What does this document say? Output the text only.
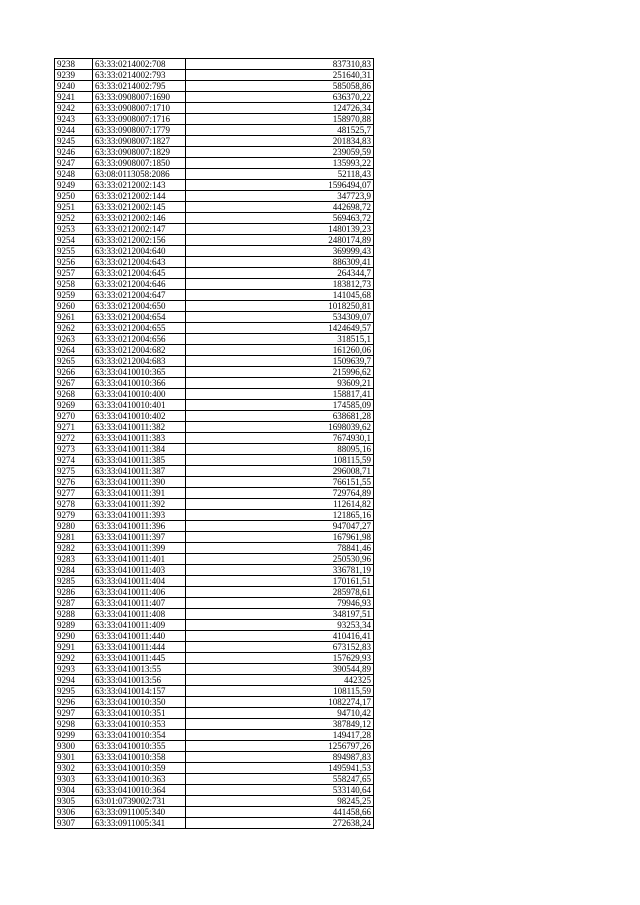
9238	63:33:0214002:708	837310,83
9239	63:33:0214002:793	251640,31
9240	63:33:0214002:795	585058,86
9241	63:33:0908007:1690	636370,22
9242	63:33:0908007:1710	124726,34
9243	63:33:0908007:1716	158970,88
9244	63:33:0908007:1779	481525,7
9245	63:33:0908007:1827	201834,83
9246	63:33:0908007:1829	239059,59
9247	63:33:0908007:1850	135993,22
9248	63:08:0113058:2086	52118,43
9249	63:33:0212002:143	1596494,07
9250	63:33:0212002:144	347723,9
9251	63:33:0212002:145	442698,72
9252	63:33:0212002:146	569463,72
9253	63:33:0212002:147	1480139,23
9254	63:33:0212002:156	2480174,89
9255	63:33:0212004:640	369999,43
9256	63:33:0212004:643	886309,41
9257	63:33:0212004:645	264344,7
9258	63:33:0212004:646	183812,73
9259	63:33:0212004:647	141045,68
9260	63:33:0212004:650	1018250,81
9261	63:33:0212004:654	534309,07
9262	63:33:0212004:655	1424649,57
9263	63:33:0212004:656	318515,1
9264	63:33:0212004:682	161260,06
9265	63:33:0212004:683	1509639,7
9266	63:33:0410010:365	215996,62
9267	63:33:0410010:366	93609,21
9268	63:33:0410010:400	158817,41
9269	63:33:0410010:401	174585,09
9270	63:33:0410010:402	638681,28
9271	63:33:0410011:382	1698039,62
9272	63:33:0410011:383	7674930,1
9273	63:33:0410011:384	88095,16
9274	63:33:0410011:385	108115,59
9275	63:33:0410011:387	296008,71
9276	63:33:0410011:390	766151,55
9277	63:33:0410011:391	729764,89
9278	63:33:0410011:392	112614,82
9279	63:33:0410011:393	121865,16
9280	63:33:0410011:396	947047,27
9281	63:33:0410011:397	167961,98
9282	63:33:0410011:399	78841,46
9283	63:33:0410011:401	250530,96
9284	63:33:0410011:403	336781,19
9285	63:33:0410011:404	170161,51
9286	63:33:0410011:406	285978,61
9287	63:33:0410011:407	79946,93
9288	63:33:0410011:408	348197,51
9289	63:33:0410011:409	93253,34
9290	63:33:0410011:440	410416,41
9291	63:33:0410011:444	673152,83
9292	63:33:0410011:445	157629,93
9293	63:33:0410013:55	390544,89
9294	63:33:0410013:56	442325
9295	63:33:0410014:157	108115,59
9296	63:33:0410010:350	1082274,17
9297	63:33:0410010:351	94710,42
9298	63:33:0410010:353	387849,12
9299	63:33:0410010:354	149417,28
9300	63:33:0410010:355	1256797,26
9301	63:33:0410010:358	894987,83
9302	63:33:0410010:359	1495941,53
9303	63:33:0410010:363	558247,65
9304	63:33:0410010:364	533140,64
9305	63:01:0739002:731	98245,25
9306	63:33:0911005:340	441458,66
9307	63:33:0911005:341	272638,24
